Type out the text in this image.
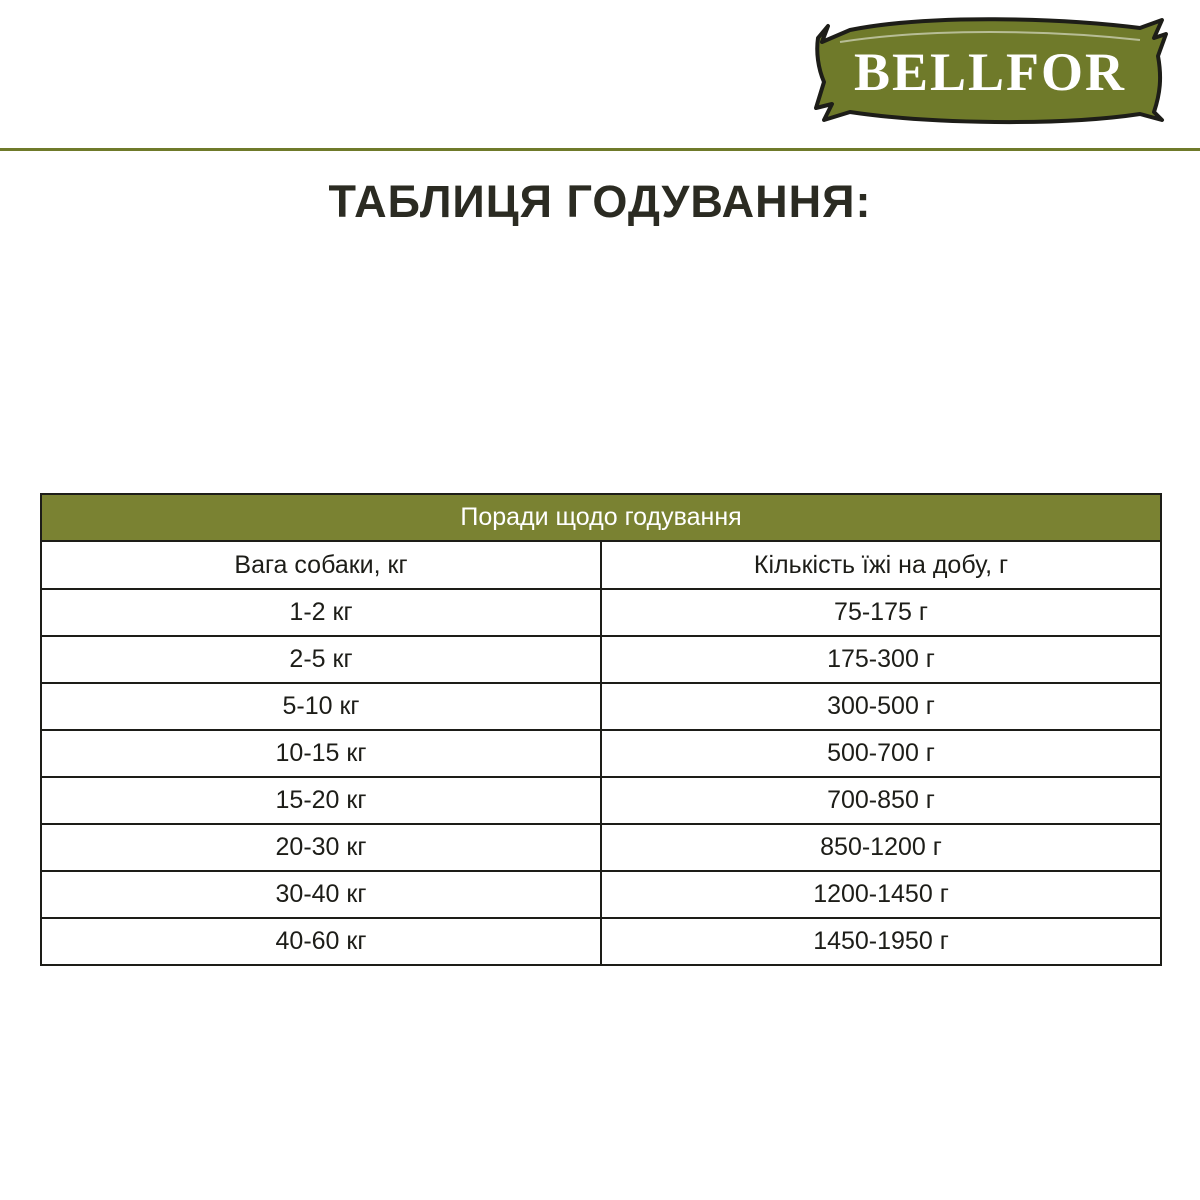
BELLFOR
ТАБЛИЦЯ ГОДУВАННЯ:
Поради щодо годування	
Вага собаки, кг	Кількість їжі на добу, г
1-2 кг	75-175 г
2-5 кг	175-300 г
5-10 кг	300-500 г
10-15 кг	500-700 г
15-20 кг	700-850 г
20-30 кг	850-1200 г
30-40 кг	1200-1450 г
40-60 кг	1450-1950 г
